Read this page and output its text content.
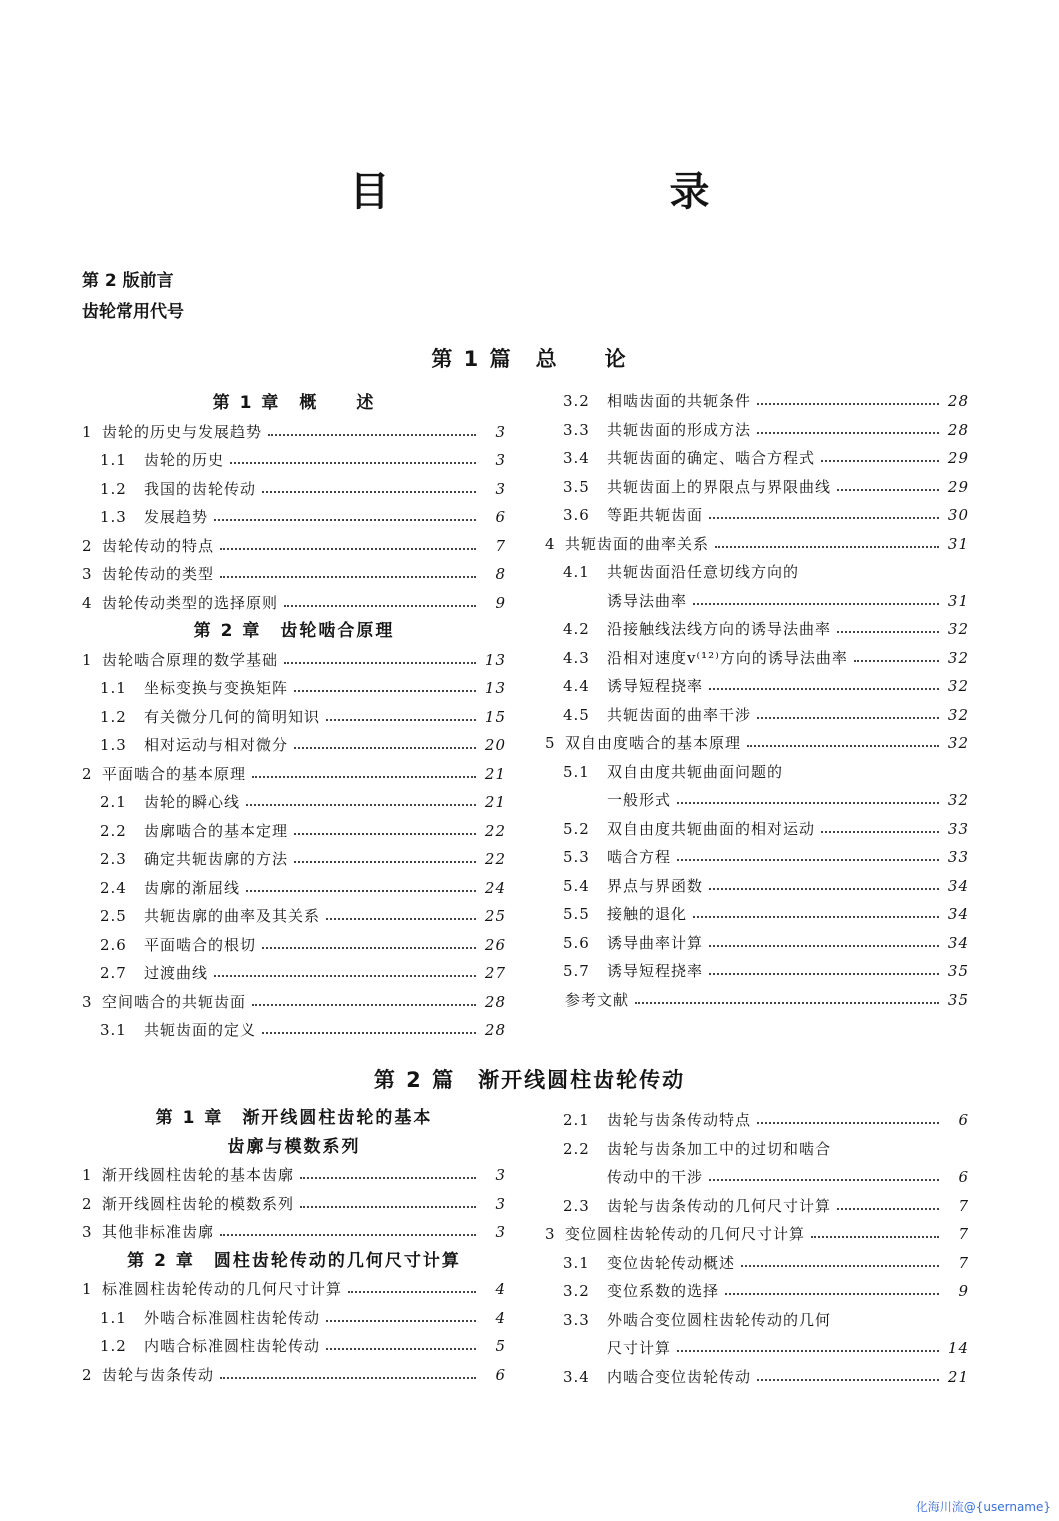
目　录
第 2 版前言
齿轮常用代号
第 1 篇　总　　论
第 1 章　概　　述
1 齿轮的历史与发展趋势	3
1.1	齿轮的历史	3
1.2	我国的齿轮传动	3
1.3	发展趋势	6
2 齿轮传动的特点	7
3 齿轮传动的类型	8
4 齿轮传动类型的选择原则	9
第 2 章　齿轮啮合原理
1 齿轮啮合原理的数学基础	13
1.1	坐标变换与变换矩阵	13
1.2	有关微分几何的简明知识	15
1.3	相对运动与相对微分	20
2 平面啮合的基本原理	21
2.1	齿轮的瞬心线	21
2.2	齿廓啮合的基本定理	22
2.3	确定共轭齿廓的方法	22
2.4	齿廓的渐屈线	24
2.5	共轭齿廓的曲率及其关系	25
2.6	平面啮合的根切	26
2.7	过渡曲线	27
3 空间啮合的共轭齿面	28
3.1	共轭齿面的定义	28
3.2	相啮齿面的共轭条件	28
3.3	共轭齿面的形成方法	28
3.4	共轭齿面的确定、啮合方程式	29
3.5	共轭齿面上的界限点与界限曲线	29
3.6	等距共轭齿面	30
4 共轭齿面的曲率关系	31
4.1	共轭齿面沿任意切线方向的
诱导法曲率	31
4.2	沿接触线法线方向的诱导法曲率	32
4.3	沿相对速度v⁽¹²⁾方向的诱导法曲率	32
4.4	诱导短程挠率	32
4.5	共轭齿面的曲率干涉	32
5 双自由度啮合的基本原理	32
5.1	双自由度共轭曲面问题的
一般形式	32
5.2	双自由度共轭曲面的相对运动	33
5.3	啮合方程	33
5.4	界点与界函数	34
5.5	接触的退化	34
5.6	诱导曲率计算	34
5.7	诱导短程挠率	35
参考文献	35
第 2 篇　渐开线圆柱齿轮传动
第 1 章　渐开线圆柱齿轮的基本
齿廓与模数系列
1 渐开线圆柱齿轮的基本齿廓	3
2 渐开线圆柱齿轮的模数系列	3
3 其他非标准齿廓	3
第 2 章　圆柱齿轮传动的几何尺寸计算
1 标准圆柱齿轮传动的几何尺寸计算	4
1.1	外啮合标准圆柱齿轮传动	4
1.2	内啮合标准圆柱齿轮传动	5
2 齿轮与齿条传动	6
2.1	齿轮与齿条传动特点	6
2.2	齿轮与齿条加工中的过切和啮合
传动中的干涉	6
2.3	齿轮与齿条传动的几何尺寸计算	7
3 变位圆柱齿轮传动的几何尺寸计算	7
3.1	变位齿轮传动概述	7
3.2	变位系数的选择	9
3.3	外啮合变位圆柱齿轮传动的几何
尺寸计算	14
3.4	内啮合变位齿轮传动	21
化海川流@{username}
